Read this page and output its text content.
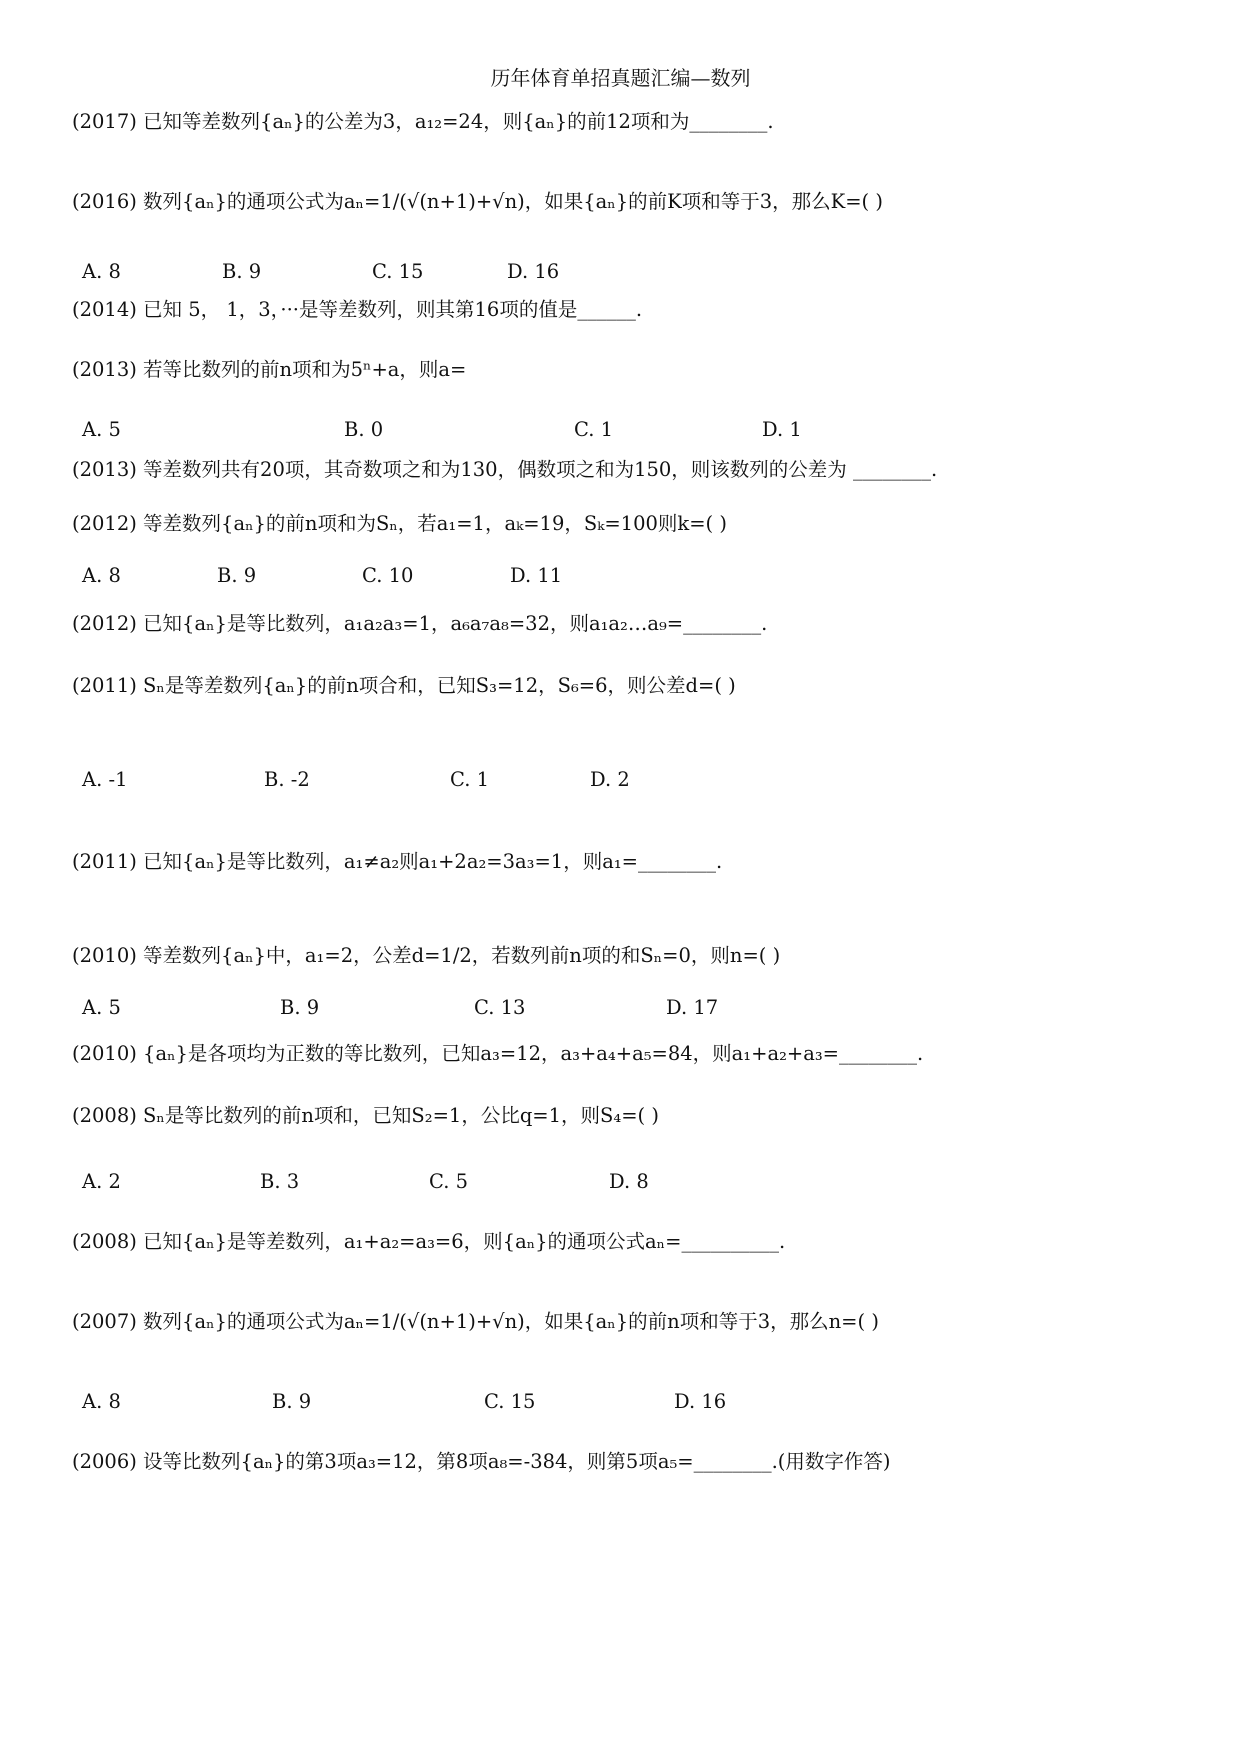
历年体育单招真题汇编—数列
(2017) 已知等差数列{aₙ}的公差为3，a₁₂=24，则{aₙ}的前12项和为________.
(2016) 数列{aₙ}的通项公式为aₙ=1/(√(n+1)+√n)，如果{aₙ}的前K项和等于3，那么K=( )
A. 8	B. 9	C. 15	D. 16
(2014) 已知 5， 1，3，···是等差数列，则其第16项的值是______.
(2013) 若等比数列的前n项和为5ⁿ+a，则a=
A. 5	B. 0	C. 1	D. 1
(2013) 等差数列共有20项，其奇数项之和为130，偶数项之和为150，则该数列的公差为 ________.
(2012) 等差数列{aₙ}的前n项和为Sₙ，若a₁=1，aₖ=19，Sₖ=100则k=( )
A. 8	B. 9	C. 10	D. 11
(2012) 已知{aₙ}是等比数列，a₁a₂a₃=1，a₆a₇a₈=32，则a₁a₂…a₉=________.
(2011) Sₙ是等差数列{aₙ}的前n项合和，已知S₃=12，S₆=6，则公差d=( )
A. -1	B. -2	C. 1	D. 2
(2011) 已知{aₙ}是等比数列，a₁≠a₂则a₁+2a₂=3a₃=1，则a₁=________.
(2010) 等差数列{aₙ}中，a₁=2，公差d=1/2，若数列前n项的和Sₙ=0，则n=( )
A. 5	B. 9	C. 13	D. 17
(2010) {aₙ}是各项均为正数的等比数列，已知a₃=12，a₃+a₄+a₅=84，则a₁+a₂+a₃=________.
(2008) Sₙ是等比数列的前n项和，已知S₂=1，公比q=1，则S₄=( )
A. 2	B. 3	C. 5	D. 8
(2008) 已知{aₙ}是等差数列，a₁+a₂=a₃=6，则{aₙ}的通项公式aₙ=__________.
(2007) 数列{aₙ}的通项公式为aₙ=1/(√(n+1)+√n)，如果{aₙ}的前n项和等于3，那么n=( )
A. 8	B. 9	C. 15	D. 16
(2006) 设等比数列{aₙ}的第3项a₃=12，第8项a₈=-384，则第5项a₅=________.(用数字作答)
